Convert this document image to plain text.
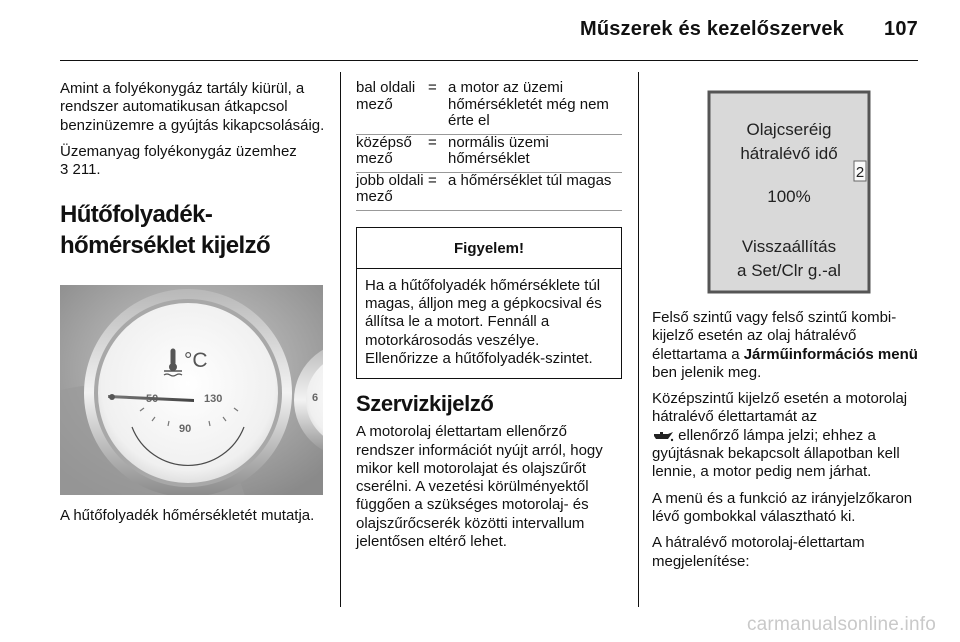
Műszerek és kezelőszervek 107

Amint a folyékonygáz tartály kiürül, a rendszer automatikusan átkapcsol benzinüzemre a gyújtás kikapcsolásáig.

Üzemanyag folyékonygáz üzemhez
3 211.

Hűtőfolyadék-hőmérséklet kijelző
6
°C
130
90

A hűtőfolyadék hőmérsékletét mutatja.

bal oldali mező	=	a motor az üzemi hőmérsékletét még nem érte el
középső mező	=	normális üzemi hőmérséklet
jobb oldali mező	=	a hőmérséklet túl magas
Figyelem!
Ha a hűtőfolyadék hőmérséklete túl magas, álljon meg a gépkocsival és állítsa le a motort. Fennáll a motorkárosodás veszélye. Ellenőrizze a hűtőfolyadék-szintet.
Szervizkijelző

A motorolaj élettartam ellenőrző rendszer információt nyújt arról, hogy mikor kell motorolajat és olajszűrőt cserélni. A vezetési körülményektől függően a szükséges motorolaj- és olajszűrőcserék közötti intervallum jelentősen eltérő lehet.

Olajcseréig
hátralévő idő
2
100%
Visszaállítás
a Set/Clr g.-al

Felső szintű vagy felső szintű kombi-kijelző esetén az olaj hátralévő élettartama a Járműinformációs menü ben jelenik meg.

Középszintű kijelző esetén a motorolaj hátralévő élettartamát az
ellenőrző lámpa jelzi; ehhez a gyújtásnak bekapcsolt állapotban kell lennie, a motor pedig nem járhat.

A menü és a funkció az irányjelzőkaron lévő gombokkal választható ki.

A hátralévő motorolaj-élettartam megjelenítése:

carmanualsonline.info
